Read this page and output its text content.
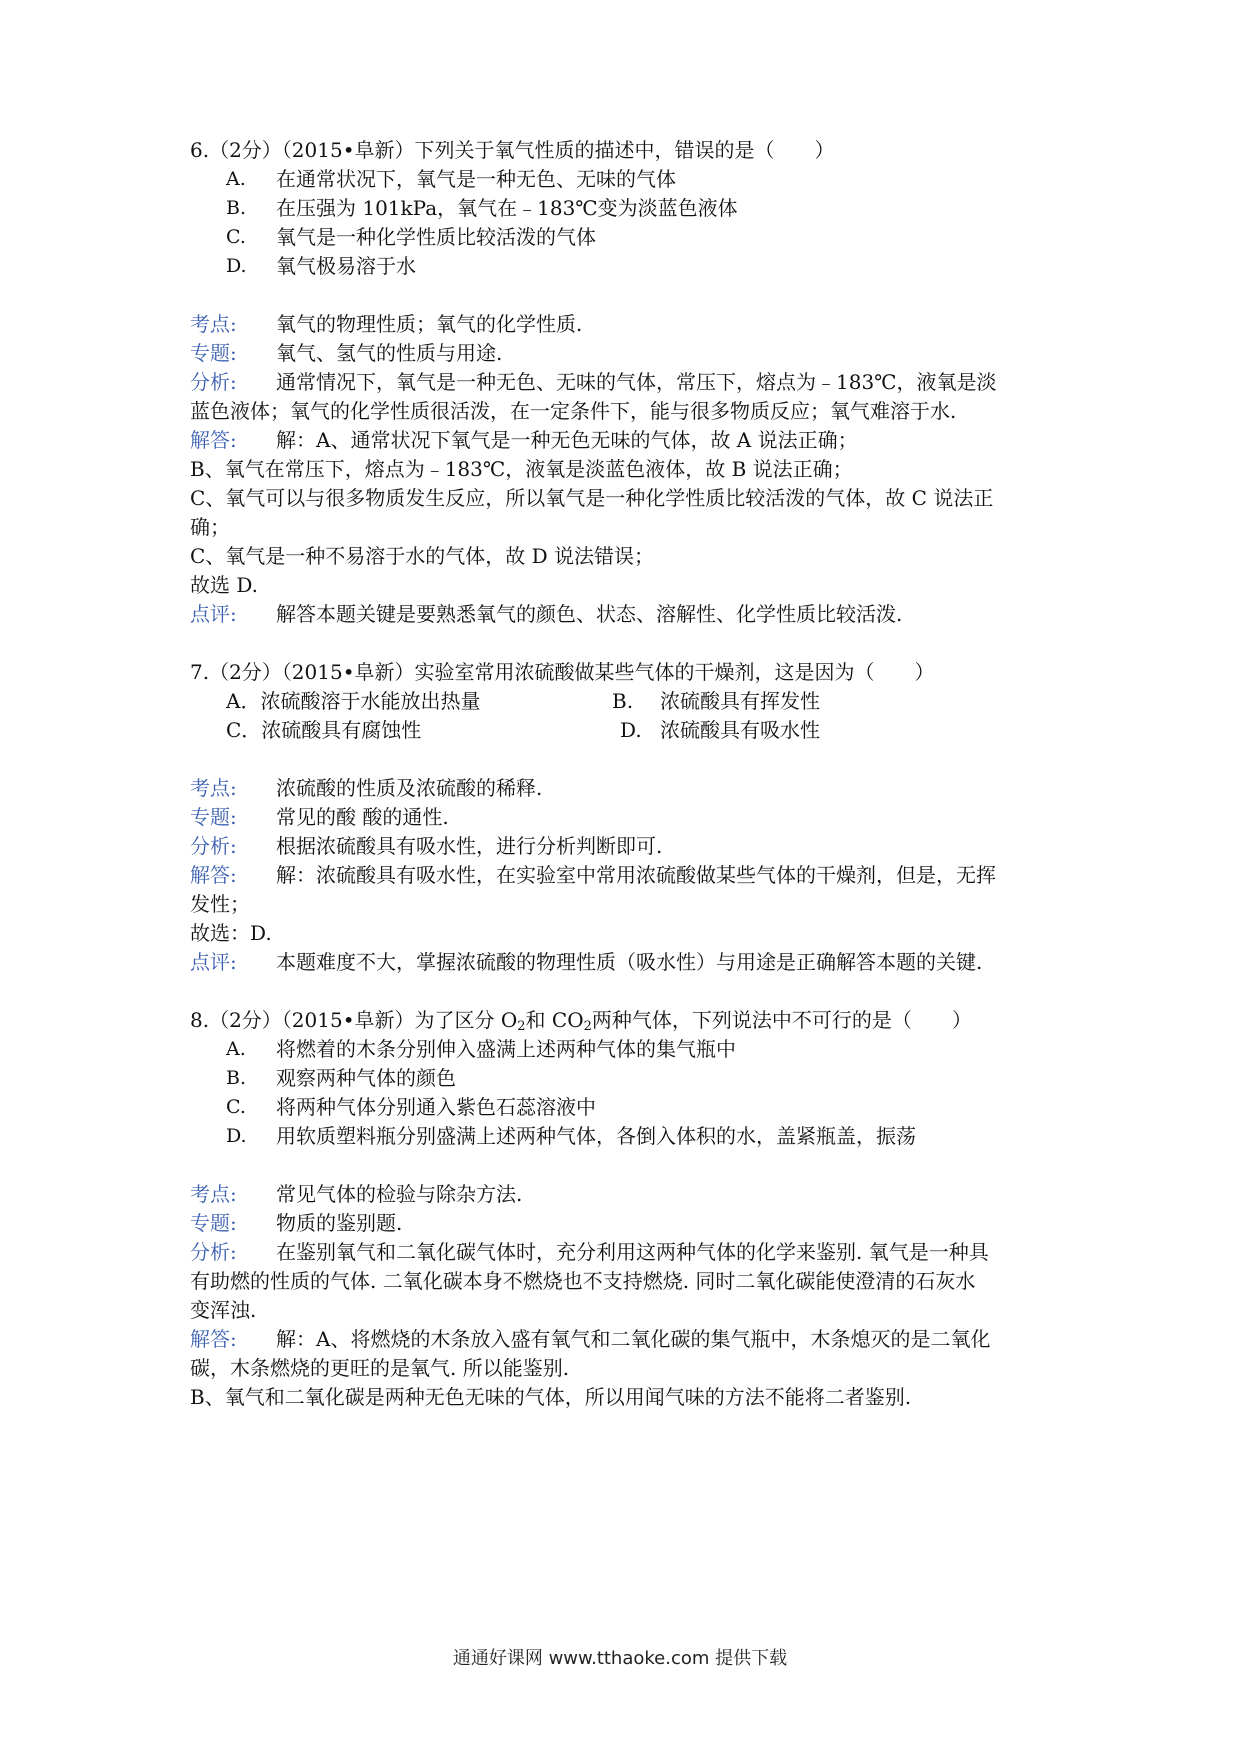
6.（2分）（2015•阜新）下列关于氧气性质的描述中，错误的是（　　）
A. 在通常状况下，氧气是一种无色、无味的气体
B. 在压强为 101kPa，氧气在﹣183℃变为淡蓝色液体
C. 氧气是一种化学性质比较活泼的气体
D. 氧气极易溶于水
考点: 氧气的物理性质；氧气的化学性质.
专题: 氧气、氢气的性质与用途.
分析: 通常情况下，氧气是一种无色、无味的气体，常压下，熔点为﹣183℃，液氧是淡
蓝色液体；氧气的化学性质很活泼，在一定条件下，能与很多物质反应；氧气难溶于水.
解答: 解：A、通常状况下氧气是一种无色无味的气体，故 A 说法正确；
B、氧气在常压下，熔点为﹣183℃，液氧是淡蓝色液体，故 B 说法正确；
C、氧气可以与很多物质发生反应，所以氧气是一种化学性质比较活泼的气体，故 C 说法正
确；
C、氧气是一种不易溶于水的气体，故 D 说法错误；
故选 D.
点评: 解答本题关键是要熟悉氧气的颜色、状态、溶解性、化学性质比较活泼.
7.（2分）（2015•阜新）实验室常用浓硫酸做某些气体的干燥剂，这是因为（　　）
A．浓硫酸溶于水能放出热量	B. 浓硫酸具有挥发性
C．浓硫酸具有腐蚀性	D. 浓硫酸具有吸水性
考点: 浓硫酸的性质及浓硫酸的稀释.
专题: 常见的酸 酸的通性.
分析: 根据浓硫酸具有吸水性，进行分析判断即可.
解答: 解：浓硫酸具有吸水性，在实验室中常用浓硫酸做某些气体的干燥剂，但是，无挥
发性；
故选：D.
点评: 本题难度不大，掌握浓硫酸的物理性质（吸水性）与用途是正确解答本题的关键.
8.（2分）（2015•阜新）为了区分 $O_2$和 $CO_2$两种气体，下列说法中不可行的是（　　）
A. 将燃着的木条分别伸入盛满上述两种气体的集气瓶中
B. 观察两种气体的颜色
C. 将两种气体分别通入紫色石蕊溶液中
D. 用软质塑料瓶分别盛满上述两种气体，各倒入体积的水，盖紧瓶盖，振荡
考点: 常见气体的检验与除杂方法.
专题: 物质的鉴别题.
分析: 在鉴别氧气和二氧化碳气体时，充分利用这两种气体的化学来鉴别. 氧气是一种具
有助燃的性质的气体. 二氧化碳本身不燃烧也不支持燃烧. 同时二氧化碳能使澄清的石灰水
变浑浊.
解答: 解：A、将燃烧的木条放入盛有氧气和二氧化碳的集气瓶中，木条熄灭的是二氧化
碳，木条燃烧的更旺的是氧气. 所以能鉴别.
B、氧气和二氧化碳是两种无色无味的气体，所以用闻气味的方法不能将二者鉴别.
通通好课网 www.tthaoke.com 提供下载
